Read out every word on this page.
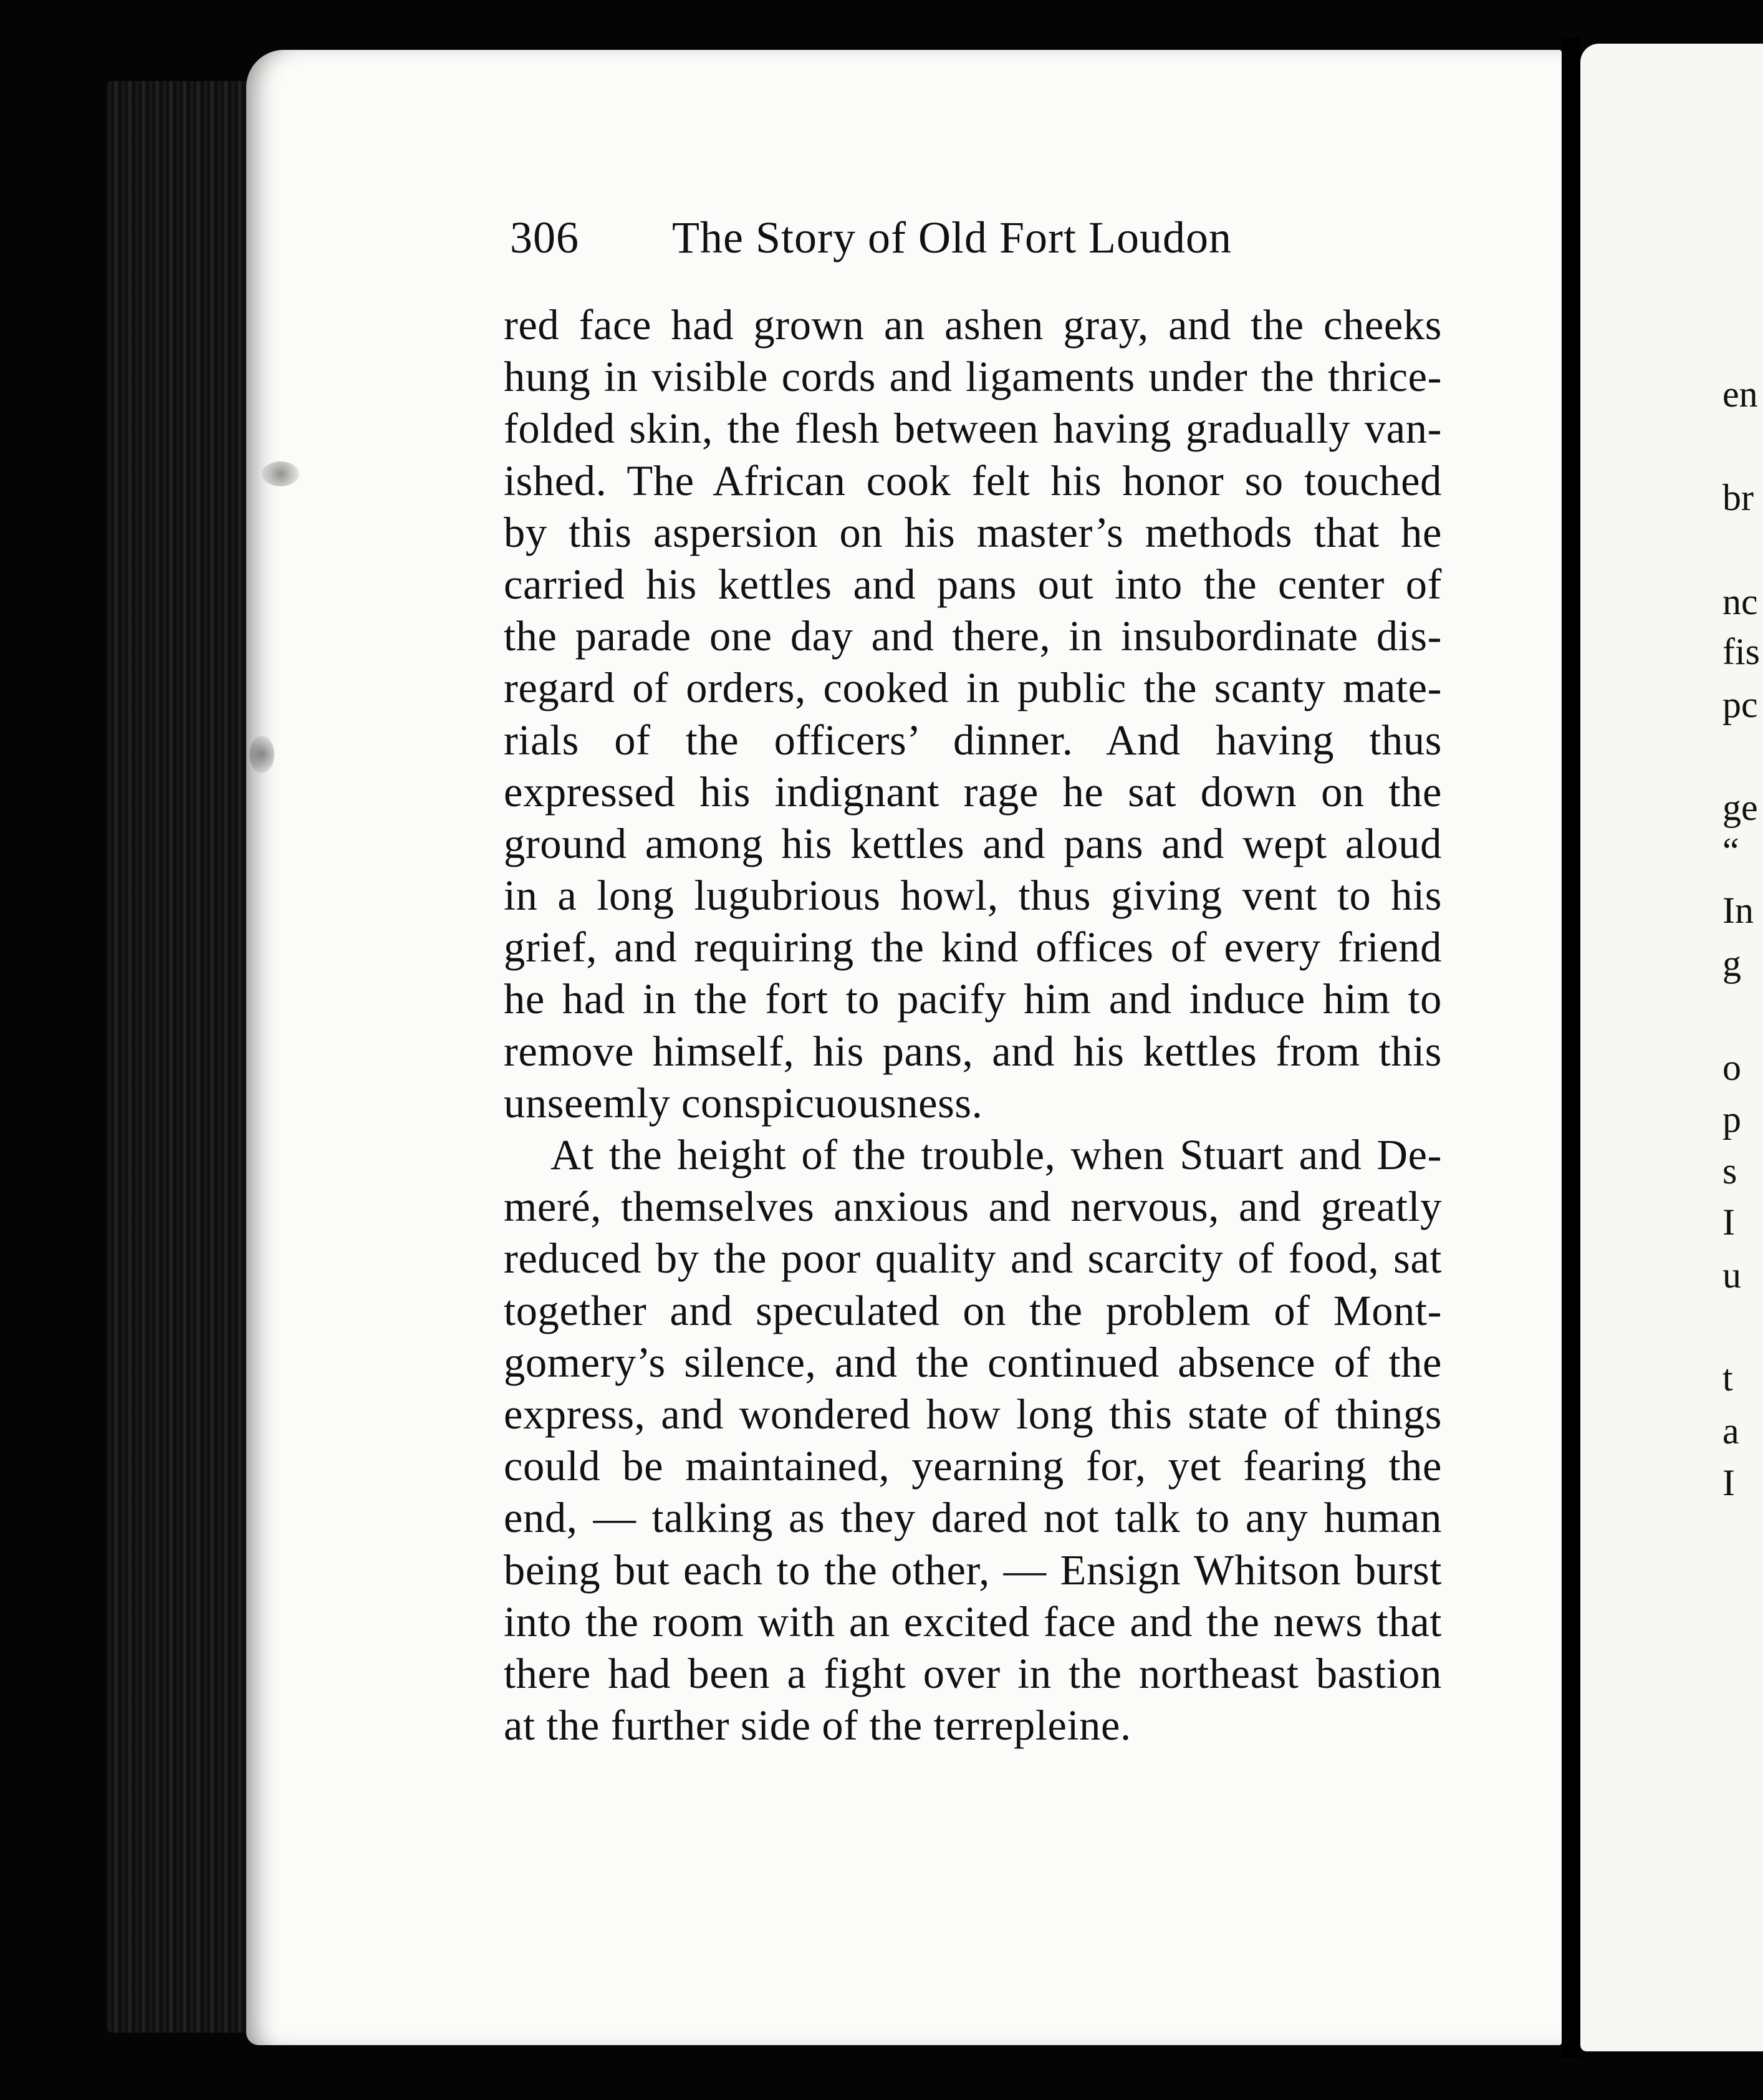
en
br
nc
fis
pc
ge
“
In
g
o
p
s
I
u
t
a
I
306 The Story of Old Fort Loudon
red face had grown an ashen gray, and the cheeks
hung in visible cords and ligaments under the thrice-
folded skin, the flesh between having gradually van-
ished. The African cook felt his honor so touched
by this aspersion on his master’s methods that he
carried his kettles and pans out into the center of
the parade one day and there, in insubordinate dis-
regard of orders, cooked in public the scanty mate-
rials of the officers’ dinner. And having thus
expressed his indignant rage he sat down on the
ground among his kettles and pans and wept aloud
in a long lugubrious howl, thus giving vent to his
grief, and requiring the kind offices of every friend
he had in the fort to pacify him and induce him to
remove himself, his pans, and his kettles from this
unseemly conspicuousness.
At the height of the trouble, when Stuart and De-
meré, themselves anxious and nervous, and greatly
reduced by the poor quality and scarcity of food, sat
together and speculated on the problem of Mont-
gomery’s silence, and the continued absence of the
express, and wondered how long this state of things
could be maintained, yearning for, yet fearing the
end, — talking as they dared not talk to any human
being but each to the other, — Ensign Whitson burst
into the room with an excited face and the news that
there had been a fight over in the northeast bastion
at the further side of the terrepleine.
